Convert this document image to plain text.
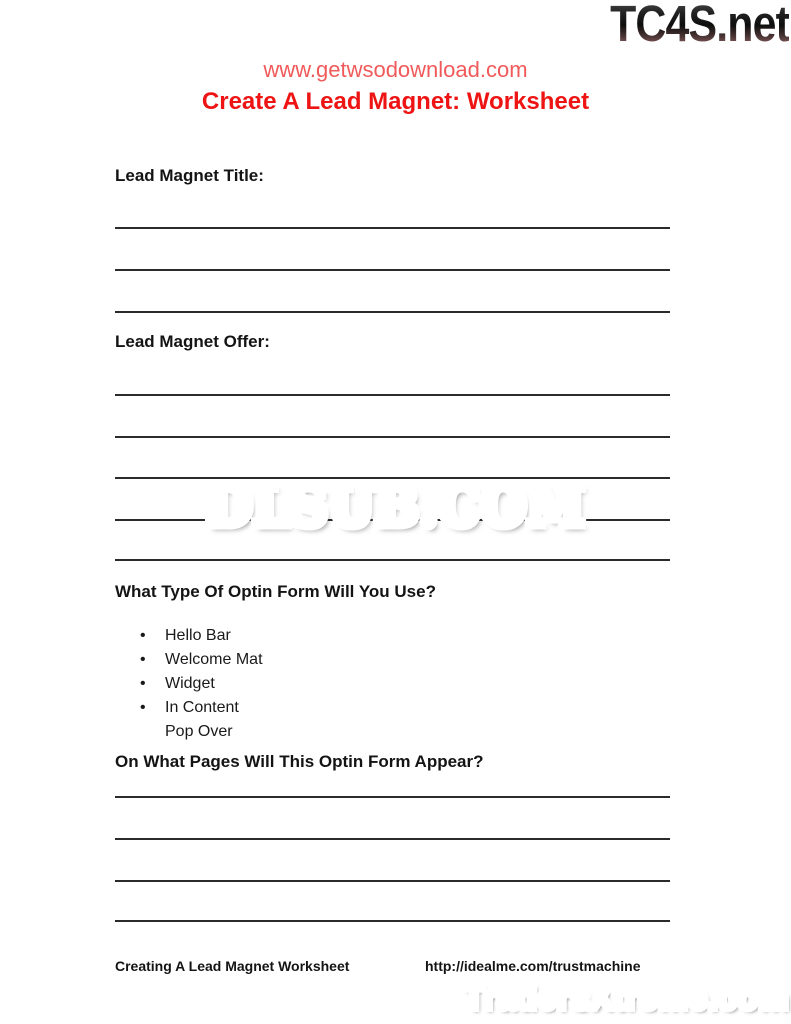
TC4S.net
www.getwsodownload.com
Create A Lead Magnet: Worksheet
Lead Magnet Title:
Lead Magnet Offer:
DLSUB.COM DLSUB.COM
What Type Of Optin Form Will You Use?
• Hello Bar
• Welcome Mat
• Widget
• In Content
Pop Over
On What Pages Will This Optin Form Appear?
Creating A Lead Magnet Worksheet	http://idealme.com/trustmachine
TradersXtreme.com TradersXtreme.com
